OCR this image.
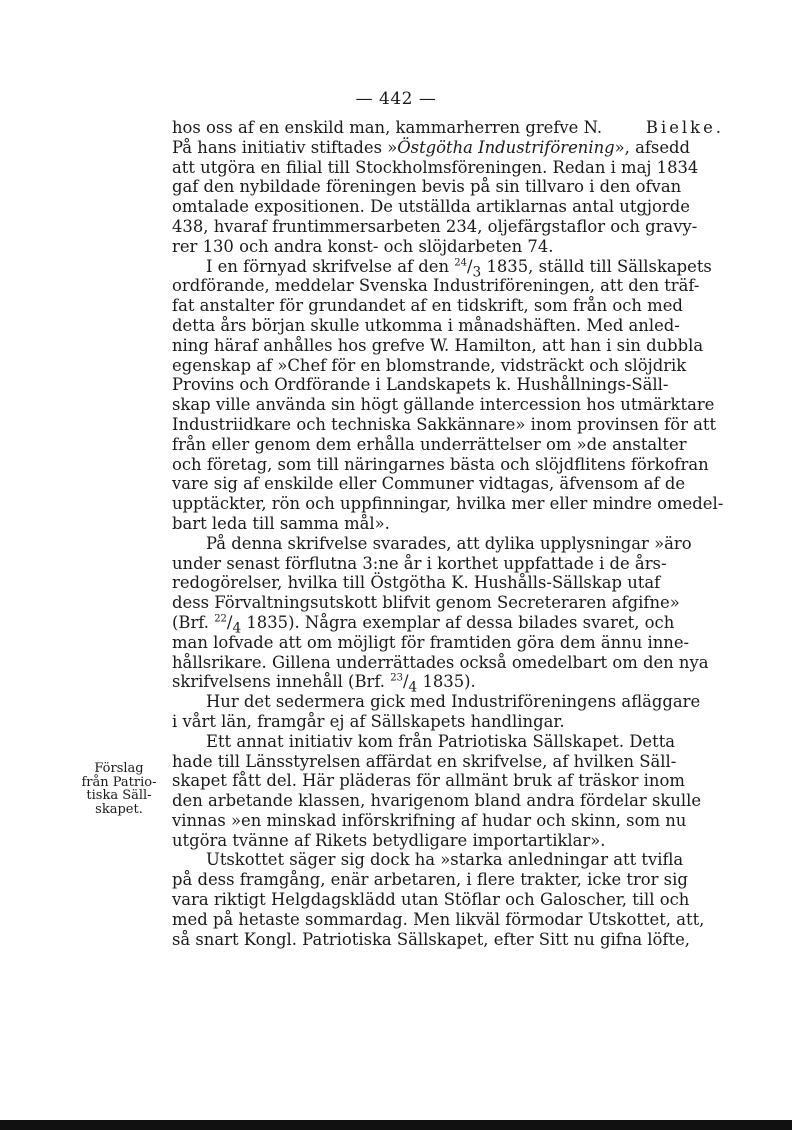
— 442 —
Förslag
från Patrio-
tiska Säll-
skapet.
hos oss af en enskild man, kammarherren grefve N.	Bielke.
På hans initiativ stiftades »Östgötha Industriförening», afsedd
att utgöra en filial till Stockholmsföreningen. Redan i maj 1834
gaf den nybildade föreningen bevis på sin tillvaro i den ofvan
omtalade expositionen. De utställda artiklarnas antal utgjorde
438, hvaraf fruntimmersarbeten 234, oljefärgstaflor och gravy-
rer 130 och andra konst- och slöjdarbeten 74.
I en förnyad skrifvelse af den $^{24}/_3$ 1835, ställd till Sällskapets
ordförande, meddelar Svenska Industriföreningen, att den träf-
fat anstalter för grundandet af en tidskrift, som från och med
detta års början skulle utkomma i månadshäften. Med anled-
ning häraf anhålles hos grefve W. Hamilton, att han i sin dubbla
egenskap af »Chef för en blomstrande, vidsträckt och slöjdrik
Provins och Ordförande i Landskapets k. Hushållnings-Säll-
skap ville använda sin högt gällande intercession hos utmärktare
Industriidkare och techniska Sakkännare» inom provinsen för att
från eller genom dem erhålla underrättelser om »de anstalter
och företag, som till näringarnes bästa och slöjdflitens förkofran
vare sig af enskilde eller Communer vidtagas, äfvensom af de
upptäckter, rön och uppfinningar, hvilka mer eller mindre omedel-
bart leda till samma mål».
På denna skrifvelse svarades, att dylika upplysningar »äro
under senast förflutna 3:ne år i korthet uppfattade i de års-
redogörelser, hvilka till Östgötha K. Hushålls-Sällskap utaf
dess Förvaltningsutskott blifvit genom Secreteraren afgifne»
(Brf. $^{22}/_4$ 1835). Några exemplar af dessa bilades svaret, och
man lofvade att om möjligt för framtiden göra dem ännu inne-
hållsrikare. Gillena underrättades också omedelbart om den nya
skrifvelsens innehåll (Brf. $^{23}/_4$ 1835).
Hur det sedermera gick med Industriföreningens afläggare
i vårt län, framgår ej af Sällskapets handlingar.
Ett annat initiativ kom från Patriotiska Sällskapet. Detta
hade till Länsstyrelsen affärdat en skrifvelse, af hvilken Säll-
skapet fått del. Här pläderas för allmänt bruk af träskor inom
den arbetande klassen, hvarigenom bland andra fördelar skulle
vinnas »en minskad införskrifning af hudar och skinn, som nu
utgöra tvänne af Rikets betydligare importartiklar».
Utskottet säger sig dock ha »starka anledningar att tvifla
på dess framgång, enär arbetaren, i flere trakter, icke tror sig
vara riktigt Helgdagsklädd utan Stöflar och Galoscher, till och
med på hetaste sommardag. Men likväl förmodar Utskottet, att,
så snart Kongl. Patriotiska Sällskapet, efter Sitt nu gifna löfte,
